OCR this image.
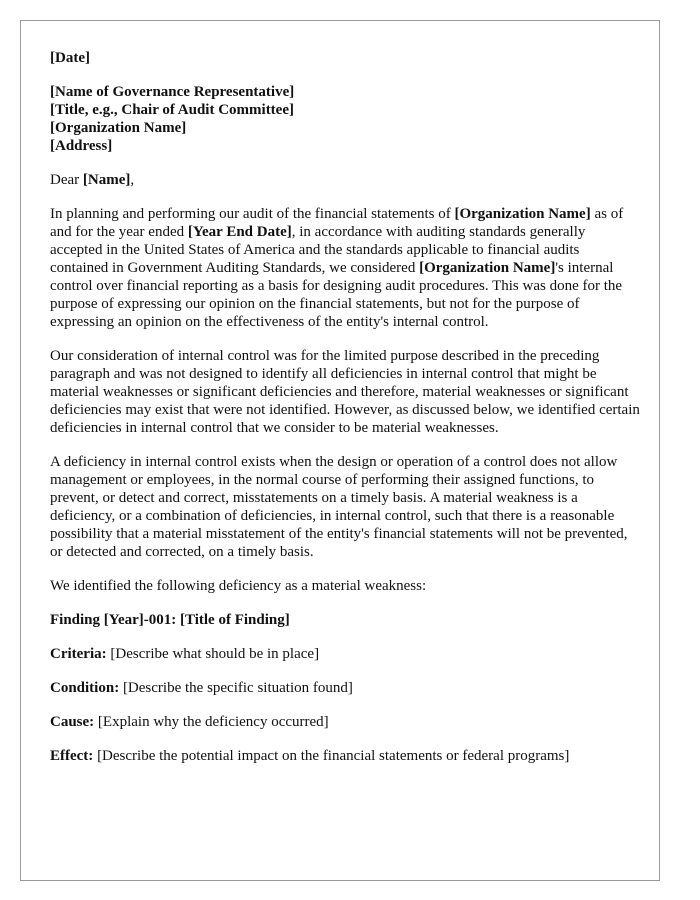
[Date]
[Name of Governance Representative]
[Title, e.g., Chair of Audit Committee]
[Organization Name]
[Address]

Dear [Name],

In planning and performing our audit of the financial statements of [Organization Name] as of and for the year ended [Year End Date], in accordance with auditing standards generally accepted in the United States of America and the standards applicable to financial audits contained in Government Auditing Standards, we considered [Organization Name]'s internal control over financial reporting as a basis for designing audit procedures. This was done for the purpose of expressing our opinion on the financial statements, but not for the purpose of expressing an opinion on the effectiveness of the entity's internal control.

Our consideration of internal control was for the limited purpose described in the preceding paragraph and was not designed to identify all deficiencies in internal control that might be material weaknesses or significant deficiencies and therefore, material weaknesses or significant deficiencies may exist that were not identified. However, as discussed below, we identified certain deficiencies in internal control that we consider to be material weaknesses.

A deficiency in internal control exists when the design or operation of a control does not allow management or employees, in the normal course of performing their assigned functions, to prevent, or detect and correct, misstatements on a timely basis. A material weakness is a deficiency, or a combination of deficiencies, in internal control, such that there is a reasonable possibility that a material misstatement of the entity's financial statements will not be prevented, or detected and corrected, on a timely basis.

We identified the following deficiency as a material weakness:

Finding [Year]-001: [Title of Finding]

Criteria: [Describe what should be in place]

Condition: [Describe the specific situation found]

Cause: [Explain why the deficiency occurred]

Effect: [Describe the potential impact on the financial statements or federal programs]
